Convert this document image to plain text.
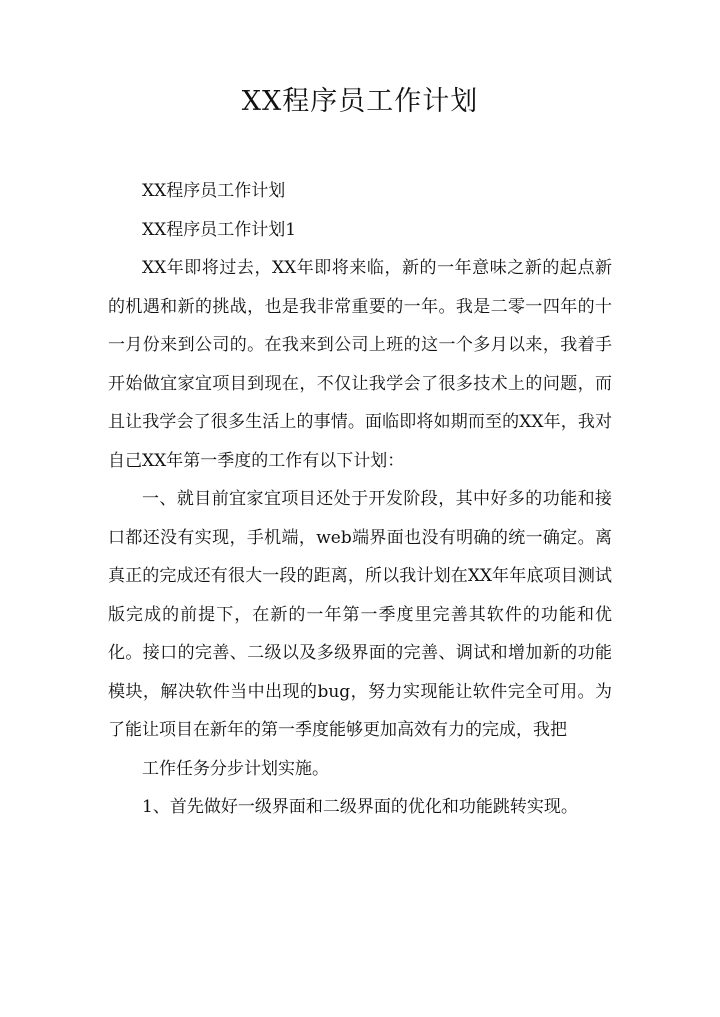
XX程序员工作计划

XX程序员工作计划

XX程序员工作计划1

XX年即将过去，XX年即将来临，新的一年意味之新的起点新的机遇和新的挑战，也是我非常重要的一年。我是二零一四年的十一月份来到公司的。在我来到公司上班的这一个多月以来，我着手开始做宜家宜项目到现在，不仅让我学会了很多技术上的问题，而且让我学会了很多生活上的事情。面临即将如期而至的XX年，我对自己XX年第一季度的工作有以下计划：

一、就目前宜家宜项目还处于开发阶段，其中好多的功能和接口都还没有实现，手机端，web端界面也没有明确的统一确定。离真正的完成还有很大一段的距离，所以我计划在XX年年底项目测试版完成的前提下，在新的一年第一季度里完善其软件的功能和优化。接口的完善、二级以及多级界面的完善、调试和增加新的功能模块，解决软件当中出现的bug，努力实现能让软件完全可用。为了能让项目在新年的第一季度能够更加高效有力的完成，我把

工作任务分步计划实施。

1、首先做好一级界面和二级界面的优化和功能跳转实现。
